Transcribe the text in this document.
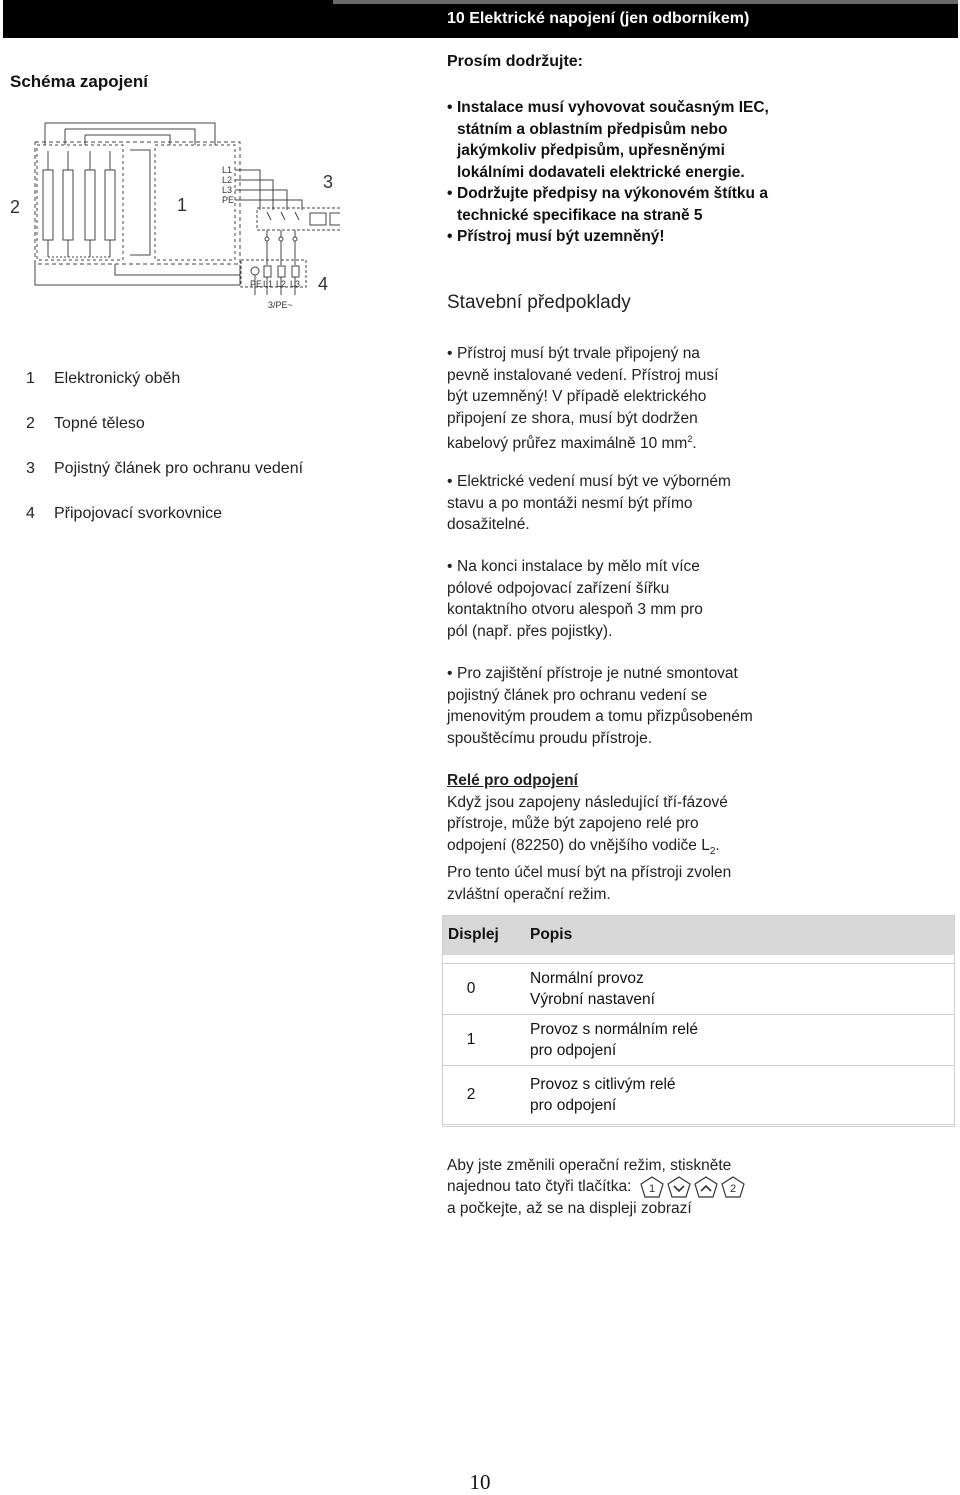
10 Elektrické napojení (jen odborníkem)
Schéma zapojení
PE L1 L2 L3
3/PE~
L1
L2
L3
PE
1
2
3
4
1	Elektronický oběh
2	Topné těleso
3	Pojistný článek pro ochranu vedení
4	Připojovací svorkovnice
Prosím dodržujte:
• Instalace musí vyhovovat současným IEC, státním a oblastním předpisům nebo jakýmkoliv předpisům, upřesněnými lokálními dodavateli elektrické energie.
• Dodržujte předpisy na výkonovém štítku a technické specifikace na straně 5
• Přístroj musí být uzemněný!
Stavební předpoklady
• Přístroj musí být trvale připojený na pevně instalované vedení. Přístroj musí být uzemněný! V případě elektrického připojení ze shora, musí být dodržen kabelový průřez maximálně 10 $mm^2$.
• Elektrické vedení musí být ve výborném stavu a po montáži nesmí být přímo dosažitelné.
• Na konci instalace by mělo mít více pólové odpojovací zařízení šířku kontaktního otvoru alespoň 3 mm pro pól (např. přes pojistky).
• Pro zajištění přístroje je nutné smontovat pojistný článek pro ochranu vedení se jmenovitým proudem a tomu přizpůsobeném spouštěcímu proudu přístroje.
Relé pro odpojení
Když jsou zapojeny následující tří-fázové přístroje, může být zapojeno relé pro odpojení (82250) do vnějšího vodiče $L_2$. Pro tento účel musí být na přístroji zvolen zvláštní operační režim.
Displej	Popis

0	Normální provoz
Výrobní nastavení

1	Provoz s normálním relé
pro odpojení

2	Provoz s citlivým relé
pro odpojení
Aby jste změnili operační režim, stiskněte
najednou tato čtyři tlačítka: 1	2
a počkejte, až se na displeji zobrazí
10
